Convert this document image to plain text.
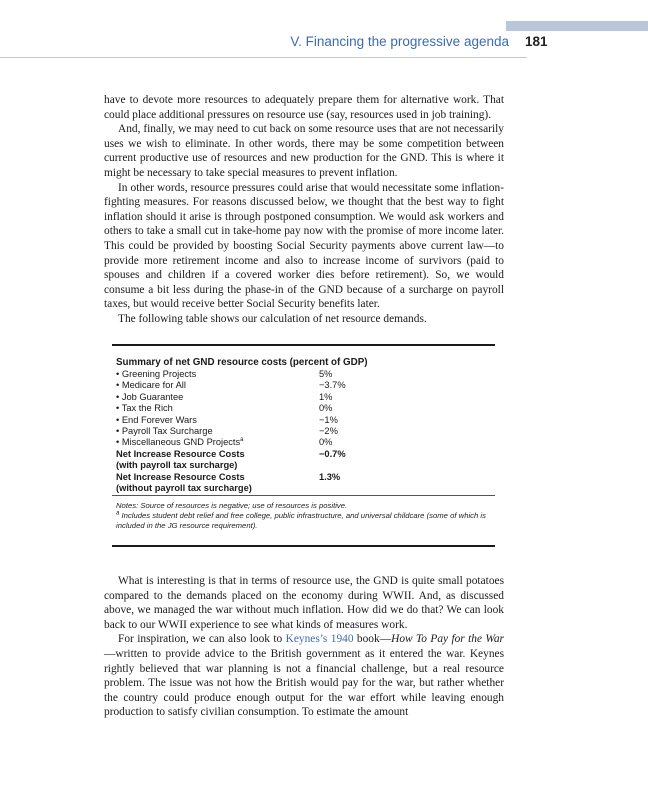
V. Financing the progressive agenda 181

have to devote more resources to adequately prepare them for alternative work. That could place additional pressures on resource use (say, resources used in job training).

And, finally, we may need to cut back on some resource uses that are not necessarily uses we wish to eliminate. In other words, there may be some competition between current productive use of resources and new production for the GND. This is where it might be necessary to take special measures to prevent inflation.

In other words, resource pressures could arise that would necessitate some inflation-fighting measures. For reasons discussed below, we thought that the best way to fight inflation should it arise is through postponed consumption. We would ask workers and others to take a small cut in take-home pay now with the promise of more income later. This could be provided by boosting Social Security payments above current law—to provide more retirement income and also to increase income of survivors (paid to spouses and children if a covered worker dies before retirement). So, we would consume a bit less during the phase-in of the GND because of a surcharge on payroll taxes, but would receive better Social Security benefits later.

The following table shows our calculation of net resource demands.

Summary of net GND resource costs (percent of GDP)
• Greening Projects	5%
• Medicare for All	−3.7%
• Job Guarantee	1%
• Tax the Rich	0%
• End Forever Wars	−1%
• Payroll Tax Surcharge	−2%
• Miscellaneous GND Projects$^a$	0%
Net Increase Resource Costs	−0.7%
(with payroll tax surcharge)
Net Increase Resource Costs	1.3%
(without payroll tax surcharge)
Notes: Source of resources is negative; use of resources is positive.
$^a$ Includes student debt relief and free college, public infrastructure, and universal childcare (some of which is included in the JG resource requirement).

What is interesting is that in terms of resource use, the GND is quite small potatoes compared to the demands placed on the economy during WWII. And, as discussed above, we managed the war without much inflation. How did we do that? We can look back to our WWII experience to see what kinds of measures work.

For inspiration, we can also look to Keynes’s 1940 book—How To Pay for the War—written to provide advice to the British government as it entered the war. Keynes rightly believed that war planning is not a financial challenge, but a real resource problem. The issue was not how the British would pay for the war, but rather whether the country could produce enough output for the war effort while leaving enough production to satisfy civilian consumption. To estimate the amount
